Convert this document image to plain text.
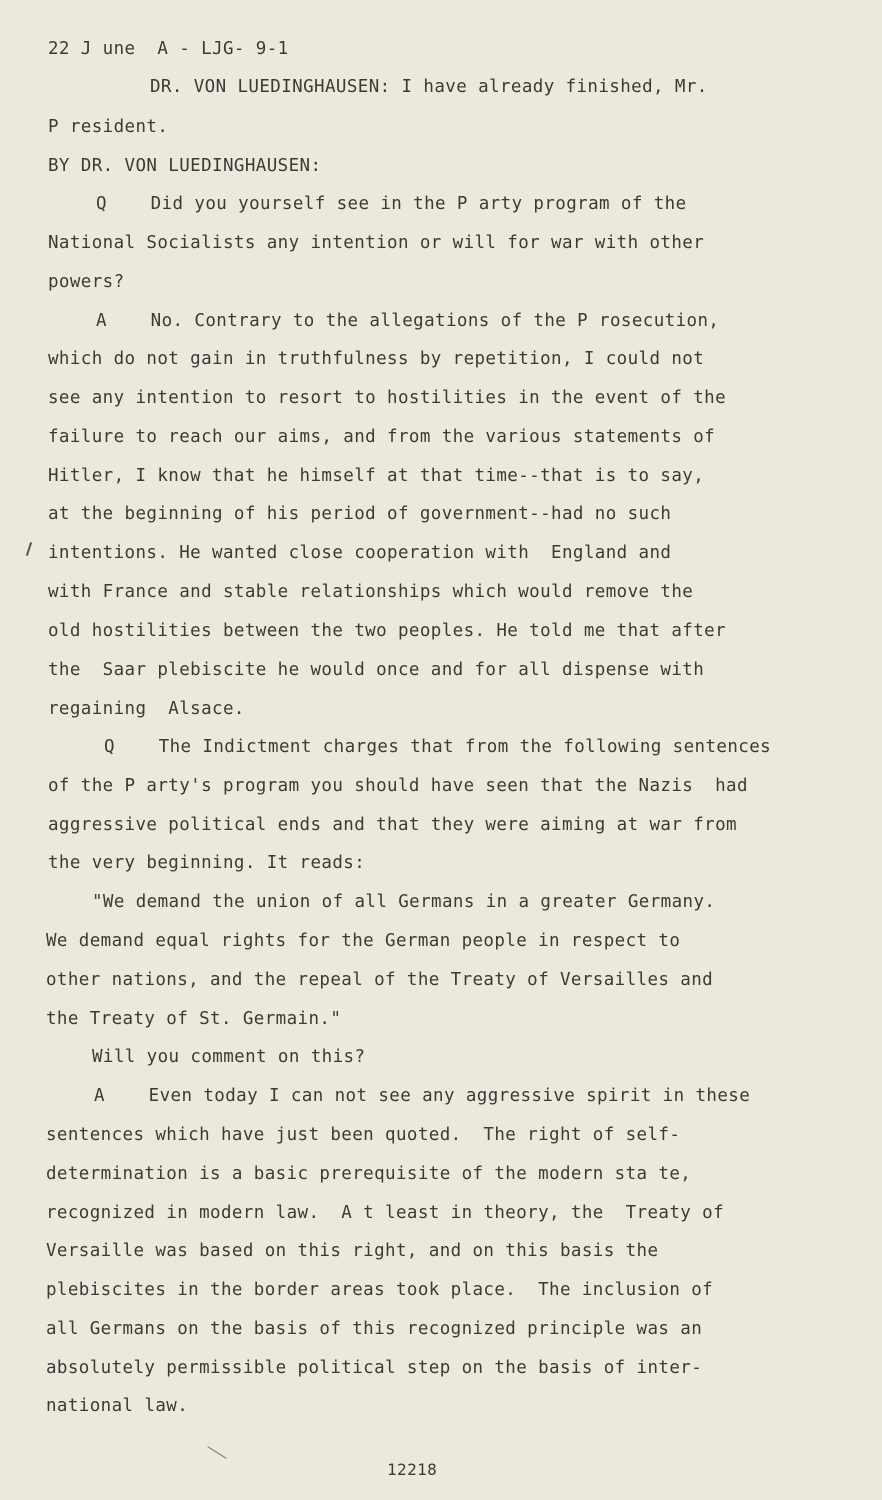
22 J une  A - LJG- 9-1
DR. VON LUEDINGHAUSEN: I have already finished, Mr.
P resident.
BY DR. VON LUEDINGHAUSEN:
Q    Did you yourself see in the P arty program of the
National Socialists any intention or will for war with other
powers?
A    No. Contrary to the allegations of the P rosecution,
which do not gain in truthfulness by repetition, I could not
see any intention to resort to hostilities in the event of the
failure to reach our aims, and from the various statements of
Hitler, I know that he himself at that time--that is to say,
at the beginning of his period of government--had no such
intentions. He wanted close cooperation with  England and
with France and stable relationships which would remove the
old hostilities between the two peoples. He told me that after
the  Saar plebiscite he would once and for all dispense with
regaining  Alsace.
Q    The Indictment charges that from the following sentences
of the P arty's program you should have seen that the Nazis  had
aggressive political ends and that they were aiming at war from
the very beginning. It reads:
"We demand the union of all Germans in a greater Germany.
We demand equal rights for the German people in respect to
other nations, and the repeal of the Treaty of Versailles and
the Treaty of St. Germain."
Will you comment on this?
A    Even today I can not see any aggressive spirit in these
sentences which have just been quoted.  The right of self-
determination is a basic prerequisite of the modern sta te,
recognized in modern law.  A t least in theory, the  Treaty of
Versaille was based on this right, and on this basis the
plebiscites in the border areas took place.  The inclusion of
all Germans on the basis of this recognized principle was an
absolutely permissible political step on the basis of inter-
national law.
12218
